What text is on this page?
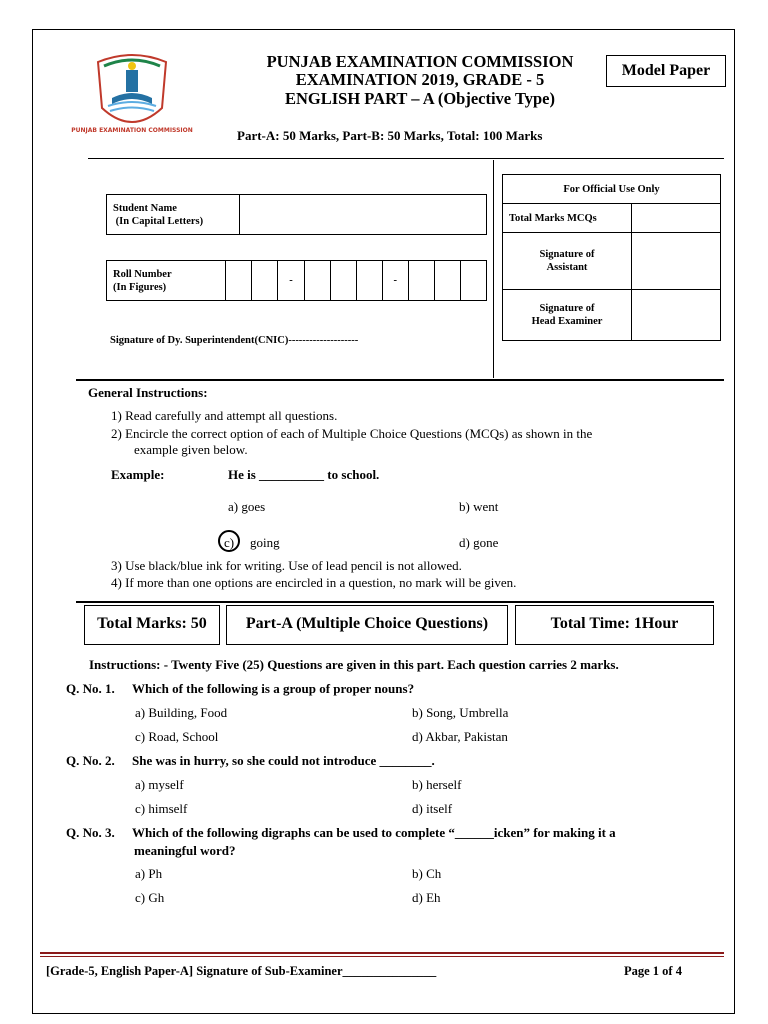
PUNJAB EXAMINATION COMMISSION
PUNJAB EXAMINATION COMMISSION
EXAMINATION 2019, GRADE - 5
ENGLISH PART – A (Objective Type)
Part-A: 50 Marks, Part-B: 50 Marks, Total: 100 Marks
Model Paper
Student Name
(In Capital Letters)

Roll Number
(In Figures)
			-				-			
Signature of Dy. Superintendent(CNIC)--------------------
For Official Use Only	
Total Marks MCQs	

Signature of
Assistant	

Signature of
Head Examiner	

General Instructions:
1) Read carefully and attempt all questions.
2) Encircle the correct option of each of Multiple Choice Questions (MCQs) as shown in the
example given below.
Example:	He is __________ to school.
a) goes	b) went
c) going	d) gone
3) Use black/blue ink for writing. Use of lead pencil is not allowed.
4) If more than one options are encircled in a question, no mark will be given.
Total Marks: 50	Part-A (Multiple Choice Questions)	Total Time: 1Hour
Instructions: - Twenty Five (25) Questions are given in this part. Each question carries 2 marks.
Q. No. 1. Which of the following is a group of proper nouns?
a) Building, Food	b) Song, Umbrella
c) Road, School	d) Akbar, Pakistan
Q. No. 2. She was in hurry, so she could not introduce ________.
a) myself	b) herself
c) himself	d) itself
Q. No. 3. Which of the following digraphs can be used to complete “______icken” for making it a
meaningful word?
a) Ph	b) Ch
c) Gh	d) Eh
[Grade-5, English Paper-A] Signature of Sub-Examiner_______________	Page 1 of 4
